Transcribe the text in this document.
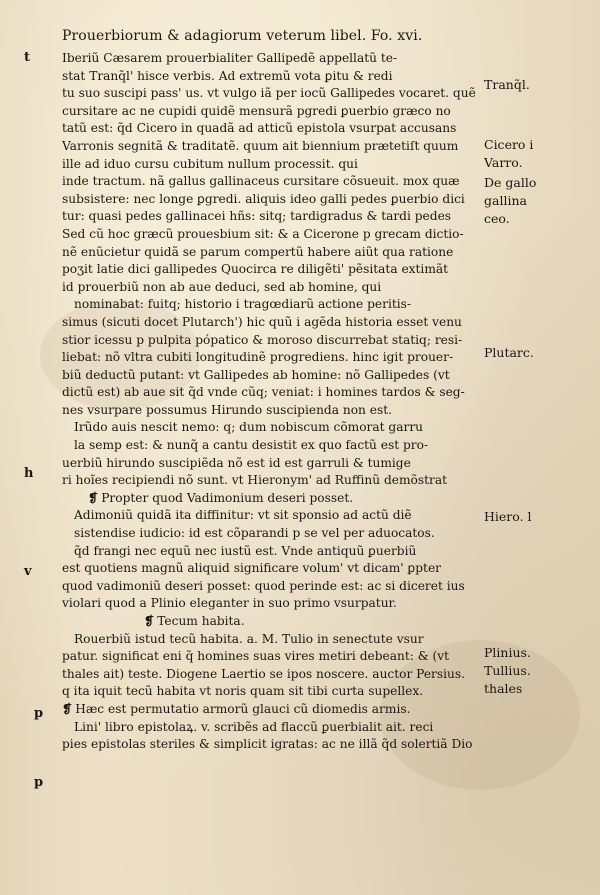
Prouerbiorum & adagiorum veterum libel. Fo. xvi.
t
h
v
p
p
Iberiũ Cæsarem prouerbialiter Gallipedẽ appellatũ te-
stat Tranq̃l' hisce verbis. Ad extremũ vota ꝑitu & redi
tu suo suscipi pass' us. vt vulgo iã per iocũ Gallipedes vocaret. quẽ
cursitare ac ne cupidi quidẽ mensurã pgredi ꝑuerbio græco no
tatũ est: q̃d Cicero in quadã ad atticũ epistola vsurpat accusans
Varronis segnitã & traditatẽ. quum ait biennium prætetiſt quum
ille ad iduo cursu cubitum nullum processit. qui
inde tractum. nã gallus gallinaceus cursitare cõsueuit. mox quæ
subsistere: nec longe ꝑgredi. aliquis ideo galli pedes ꝑuerbio dici
tur: quasi pedes gallinacei hñs: sitq; tardigradus & tardi pedes
Sed cũ hoc græcũ prouesbium sit: & a Cicerone p grecam dictio-
nẽ enũcietur quidã se parum compertũ habere aiũt qua ratione
poʒit latie dici gallipedes Quocirca re diligẽti' pẽsitata extimãt
id prouerbiũ non ab aue deduci, sed ab homine, qui
nominabat: fuitq; historio i tragœdiarũ actione peritis-
simus (sicuti docet Plutarch') hic quũ i agẽda historia esset venu
stior icessu p pulpita pópatico & moroso discurrebat statiq; resi-
liebat: nõ vltra cubiti longitudinẽ progrediens. hinc igit prouer-
biũ deductũ putant: vt Gallipedes ab homine: nõ Gallipedes (vt
dictũ est) ab aue sit q̃d vnde cũq; veniat: i homines tardos & seg-
nes vsurpare possumus Hirundo suscipienda non est.
Irũdo auis nescit nemo: q; dum nobiscum cõmorat garru
la semp est: & nunq̃ a cantu desistit ex quo factũ est pro-
uerbiũ hirundo suscipiẽda nõ est id est garruli & tumige
ri hoĩes recipiendi nõ sunt. vt Hieronym' ad Ruffinũ demõstrat
❡ Propter quod Vadimonium deseri posset.
Adimoniũ quidã ita diffinitur: vt sit sponsio ad actũ diẽ
sistendise iudicio: id est cõparandi p se vel per aduocatos.
q̃d frangi nec equũ nec iustũ est. Vnde antiquũ ꝑuerbiũ
est quotiens magnũ aliquid significare volum' vt dicam' ꝑpter
quod vadimoniũ deseri posset: quod perinde est: ac si diceret ius
violari quod a Plinio eleganter in suo primo vsurpatur.
❡ Tecum habita.
Rouerbiũ istud tecũ habita. a. M. Tulio in senectute vsur
patur. significat eni q̃ homines suas vires metiri debeant: & (vt
thales ait) teste. Diogene Laertio se ipos noscere. auctor Persius.
q ita iquit tecũ habita vt noris quam sit tibi curta supellex.
❡ Hæc est permutatio armorũ glauci cũ diomedis armis.
Lini' libro epistolaꝝ. v. scribẽs ad flaccũ ꝑuerbialit ait. reci
pies epistolas steriles & simplicit igratas: ac ne illã q̃d solertiã Dio
Tranq̃l.
Cicero i
Varro.
De gallo
gallina
ceo.
Plutarc.
Hiero. l
Plinius.
Tullius.
thales
